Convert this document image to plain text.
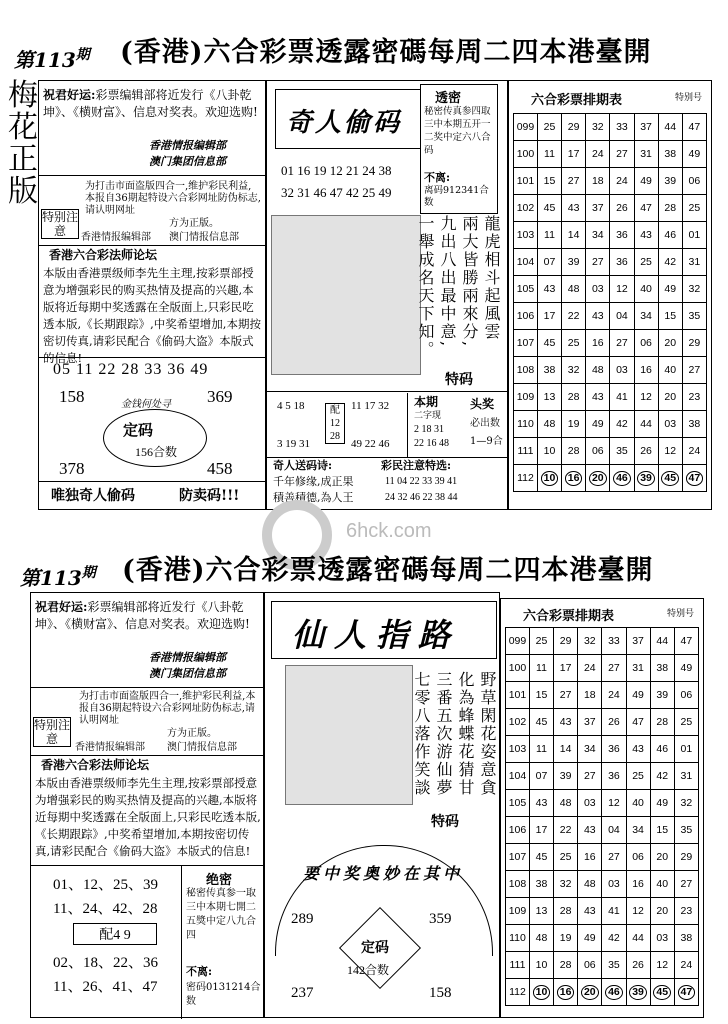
第$113^期$ (香港)六合彩票透露密碼每周二四本港臺開
梅花正版
祝君好运:彩票编辑部将近发行《八卦乾坤》、《横财富》、信息对奖表。欢迎选购!
香港情报编辑部
澳门集团信息部
特别注意
为打击市面盗版四合一,维护彩民利益,本报自36期起特设六合彩网址防伪标志,请认明网址
方为正版。
香港情报编辑部 澳门情报信息部
香港六合彩法师论坛
本版由香港票级师李先生主理,按彩票部授意为增强彩民的购买热情及提高的兴趣,本版将近每期中奖透露在全版面上,只彩民吃透本版,《长期跟踪》,中奖希望增加,本期按密切传真,请彩民配合《偷码大盗》本版式的信息!
05 11 22 28 33 36 49
158	369
金钱何处寻
定码
156合数
378	458
唯独奇人偷码	防卖码!!!
奇人偷码
01 16 19 12 21 24 38
32 31 46 47 42 25 49
龍虎相斗起風雲
兩大皆勝兩來分,
九出八出最中意,
一舉成名天下知。
特码
4 5 18
3 19 31
配12 28
11 17 32
49 22 46
本期
二字现
2 18 31
22 16 48
头奖
必出数
1—9合
奇人送码诗:
千年修缘,成正果
積善積德,為人王
彩民注意特选:
11 04 22 33 39 41
24 32 46 22 38 44
透密
秘密传真参四取三中本期五开一二奖中定六八合码
不离:
离码912341合数
六合彩票排期表	特别号
099	25	29	32	33	37	44	47
100	11	17	24	27	31	38	49
101	15	27	18	24	49	39	06
102	45	43	37	26	47	28	25
103	11	14	34	36	43	46	01
104	07	39	27	36	25	42	31
105	43	48	03	12	40	49	32
106	17	22	43	04	34	15	35
107	45	25	16	27	06	20	29
108	38	32	48	03	16	40	27
109	13	28	43	41	12	20	23
110	48	19	49	42	44	03	38
111	10	28	06	35	26	12	24
112	10	16	20	46	39	45	47
6hck.com
第$113^期$ (香港)六合彩票透露密碼每周二四本港臺開
祝君好运:彩票编辑部将近发行《八卦乾坤》、《横财富》、信息对奖表。欢迎选购!
香港情报编辑部
澳门集团信息部
特别注意
为打击市面盗版四合一,维护彩民利益,本报自36期起特设六合彩网址防伪标志,请认明网址
方为正版。
香港情报编辑部 澳门情报信息部
香港六合彩法师论坛
本版由香港票级师李先生主理,按彩票部授意为增强彩民的购买热情及提高的兴趣,本版将近每期中奖透露在全版面上,只彩民吃透本版,《长期跟踪》,中奖希望增加,本期按密切传真,请彩民配合《偷码大盗》本版式的信息!
01、12、25、39
11、24、42、28
配4 9
02、18、22、36
11、26、41、47
绝密
秘密传真参一取三中本期七開二五獎中定八九合四
不离:
密码0131214合数
仙人指路
野草閑花姿意貪
化為蜂蝶花猜甘
三番五次游仙夢
七零八落作笑談
特码
要中奖奥妙在其中
289	359
定码
142合数
237	158
六合彩票排期表	特别号
099	25	29	32	33	37	44	47
100	11	17	24	27	31	38	49
101	15	27	18	24	49	39	06
102	45	43	37	26	47	28	25
103	11	14	34	36	43	46	01
104	07	39	27	36	25	42	31
105	43	48	03	12	40	49	32
106	17	22	43	04	34	15	35
107	45	25	16	27	06	20	29
108	38	32	48	03	16	40	27
109	13	28	43	41	12	20	23
110	48	19	49	42	44	03	38
111	10	28	06	35	26	12	24
112	10	16	20	46	39	45	47
